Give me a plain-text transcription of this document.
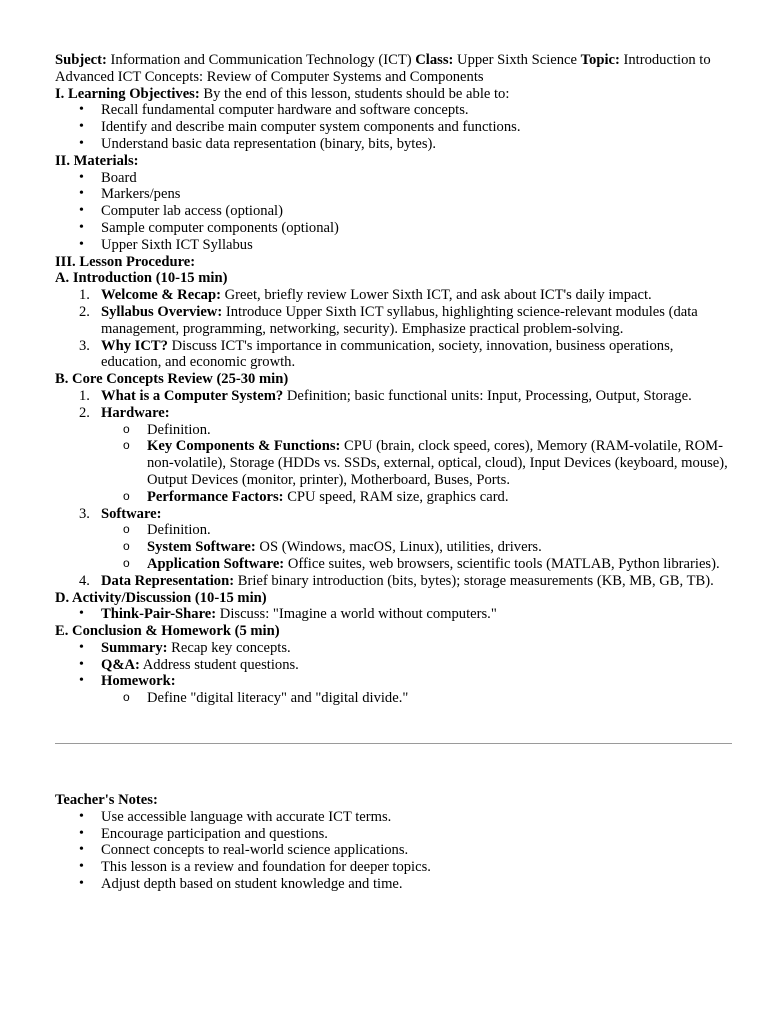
Subject: Information and Communication Technology (ICT) Class: Upper Sixth Science Topic: Introduction to Advanced ICT Concepts: Review of Computer Systems and Components

I. Learning Objectives: By the end of this lesson, students should be able to:

• Recall fundamental computer hardware and software concepts.
• Identify and describe main computer system components and functions.
• Understand basic data representation (binary, bits, bytes).

II. Materials:

• Board
• Markers/pens
• Computer lab access (optional)
• Sample computer components (optional)
• Upper Sixth ICT Syllabus

III. Lesson Procedure:

A. Introduction (10-15 min)

1. Welcome & Recap: Greet, briefly review Lower Sixth ICT, and ask about ICT's daily impact.
2. Syllabus Overview: Introduce Upper Sixth ICT syllabus, highlighting science-relevant modules (data management, programming, networking, security). Emphasize practical problem-solving.
3. Why ICT? Discuss ICT's importance in communication, society, innovation, business operations, education, and economic growth.

B. Core Concepts Review (25-30 min)

1. What is a Computer System? Definition; basic functional units: Input, Processing, Output, Storage.
2. Hardware:
o Definition.
o Key Components & Functions: CPU (brain, clock speed, cores), Memory (RAM-volatile, ROM-non-volatile), Storage (HDDs vs. SSDs, external, optical, cloud), Input Devices (keyboard, mouse), Output Devices (monitor, printer), Motherboard, Buses, Ports.
o Performance Factors: CPU speed, RAM size, graphics card.
3. Software:
o Definition.
o System Software: OS (Windows, macOS, Linux), utilities, drivers.
o Application Software: Office suites, web browsers, scientific tools (MATLAB, Python libraries).
4. Data Representation: Brief binary introduction (bits, bytes); storage measurements (KB, MB, GB, TB).

D. Activity/Discussion (10-15 min)

• Think-Pair-Share: Discuss: "Imagine a world without computers."

E. Conclusion & Homework (5 min)

• Summary: Recap key concepts.
• Q&A: Address student questions.
• Homework:
o Define "digital literacy" and "digital divide."

Teacher's Notes:

• Use accessible language with accurate ICT terms.
• Encourage participation and questions.
• Connect concepts to real-world science applications.
• This lesson is a review and foundation for deeper topics.
• Adjust depth based on student knowledge and time.
